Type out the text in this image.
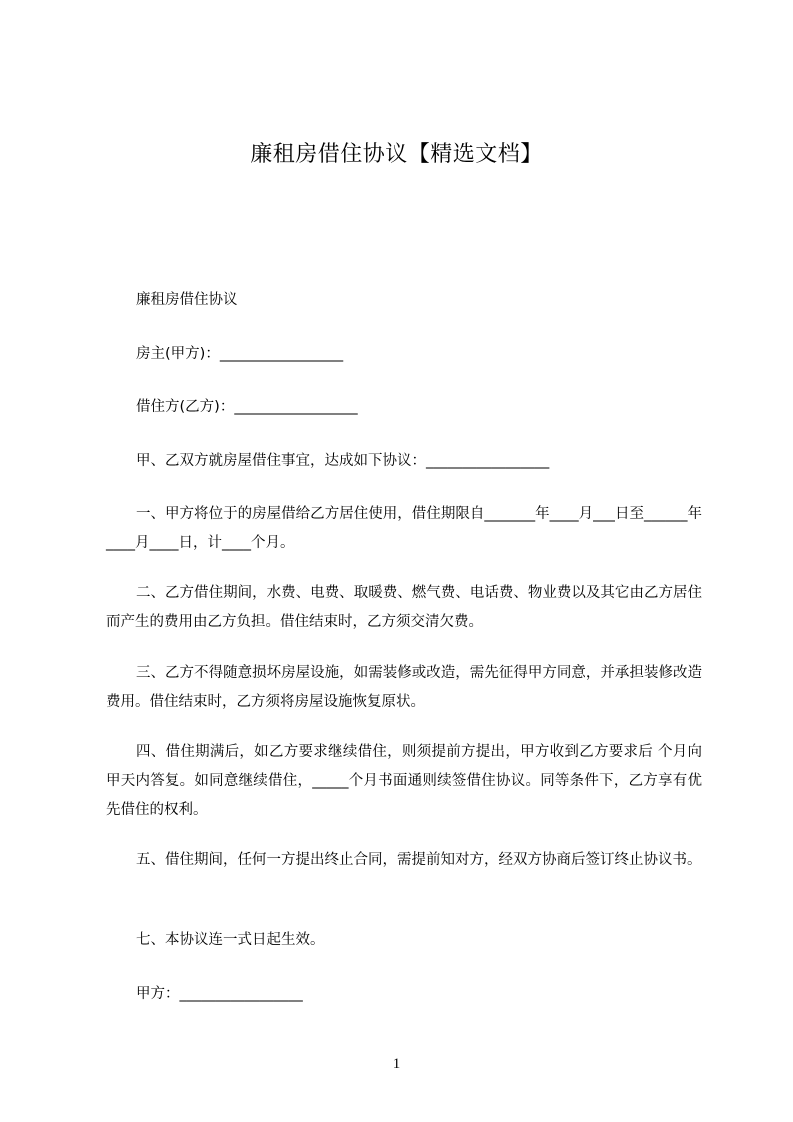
廉租房借住协议【精选文档】

廉租房借住协议

房主(甲方)：_________________

借住方(乙方)：_________________

甲、乙双方就房屋借住事宜，达成如下协议：_________________

一、甲方将位于的房屋借给乙方居住使用，借住期限自_______年____月___日至______年____月____日，计____个月。

二、乙方借住期间，水费、电费、取暖费、燃气费、电话费、物业费以及其它由乙方居住而产生的费用由乙方负担。借住结束时，乙方须交清欠费。

三、乙方不得随意损坏房屋设施，如需装修或改造，需先征得甲方同意，并承担装修改造费用。借住结束时，乙方须将房屋设施恢复原状。

四、借住期满后，如乙方要求继续借住，则须提前方提出，甲方收到乙方要求后 个月向甲天内答复。如同意继续借住，_____个月书面通则续签借住协议。同等条件下，乙方享有优先借住的权利。

五、借住期间，任何一方提出终止合同，需提前知对方，经双方协商后签订终止协议书。

七、本协议连一式日起生效。

甲方：_________________

1
